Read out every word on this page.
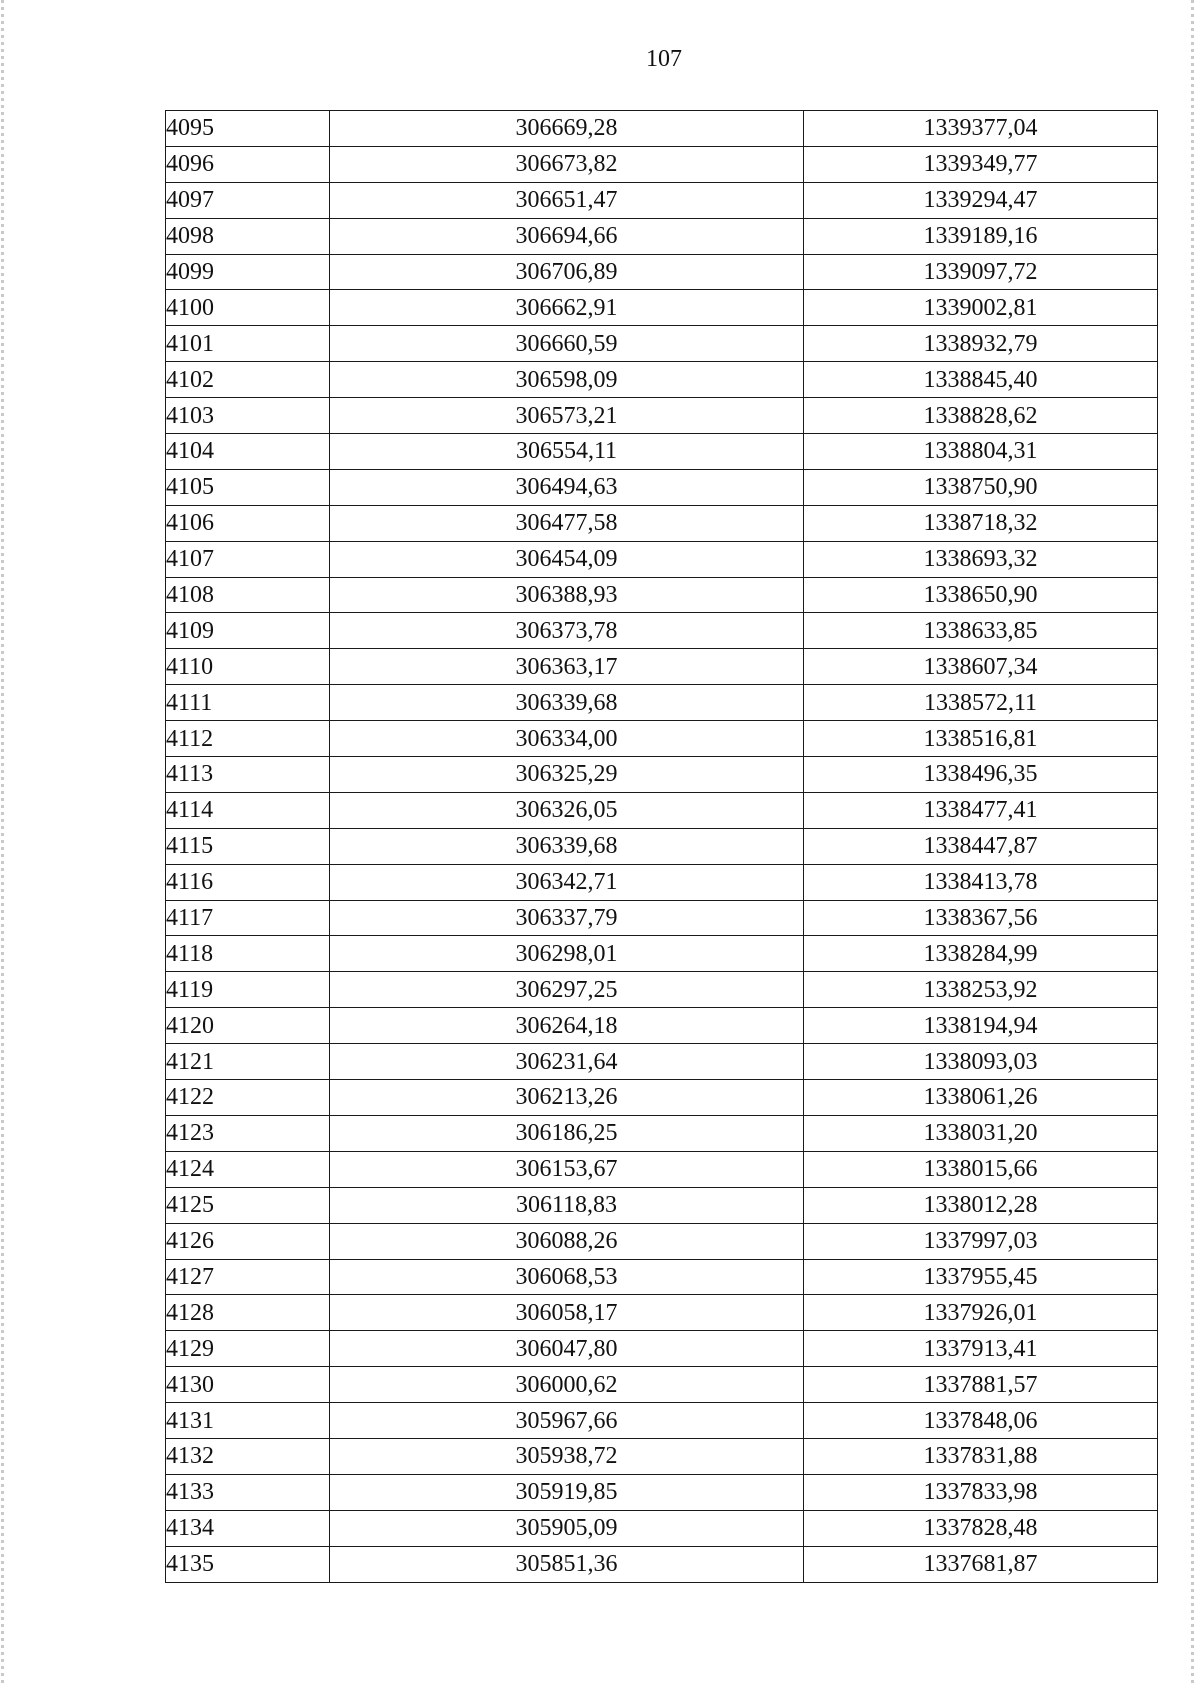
107
4095	306669,28	1339377,04
4096	306673,82	1339349,77
4097	306651,47	1339294,47
4098	306694,66	1339189,16
4099	306706,89	1339097,72
4100	306662,91	1339002,81
4101	306660,59	1338932,79
4102	306598,09	1338845,40
4103	306573,21	1338828,62
4104	306554,11	1338804,31
4105	306494,63	1338750,90
4106	306477,58	1338718,32
4107	306454,09	1338693,32
4108	306388,93	1338650,90
4109	306373,78	1338633,85
4110	306363,17	1338607,34
4111	306339,68	1338572,11
4112	306334,00	1338516,81
4113	306325,29	1338496,35
4114	306326,05	1338477,41
4115	306339,68	1338447,87
4116	306342,71	1338413,78
4117	306337,79	1338367,56
4118	306298,01	1338284,99
4119	306297,25	1338253,92
4120	306264,18	1338194,94
4121	306231,64	1338093,03
4122	306213,26	1338061,26
4123	306186,25	1338031,20
4124	306153,67	1338015,66
4125	306118,83	1338012,28
4126	306088,26	1337997,03
4127	306068,53	1337955,45
4128	306058,17	1337926,01
4129	306047,80	1337913,41
4130	306000,62	1337881,57
4131	305967,66	1337848,06
4132	305938,72	1337831,88
4133	305919,85	1337833,98
4134	305905,09	1337828,48
4135	305851,36	1337681,87
